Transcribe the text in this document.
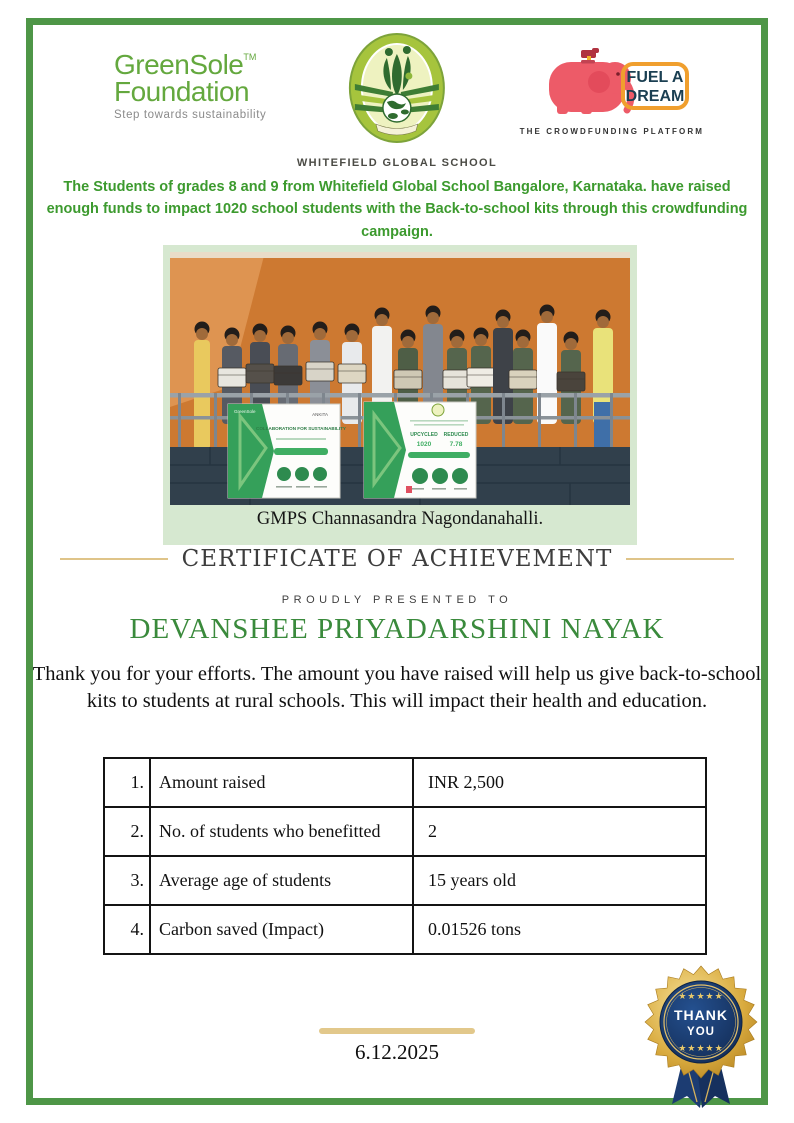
GreenSole™
Foundation
Step towards sustainability
WHITEFIELD GLOBAL SCHOOL
FUEL A
DREAM
THE CROWDFUNDING PLATFORM
The Students of grades 8 and 9 from Whitefield Global School Bangalore, Karnataka. have raised enough funds to impact 1020 school students with the Back-to-school kits through this crowdfunding campaign.
GreenSole
ANKITA
COLLABORATION FOR SUSTAINABILITY
UPCYCLED REDUCED
1020	7.78
GMPS Channasandra Nagondanahalli.
CERTIFICATE OF ACHIEVEMENT
PROUDLY PRESENTED TO
DEVANSHEE PRIYADARSHINI NAYAK
Thank you for your efforts. The amount you have raised will help us give back-to-school kits to students at rural schools. This will impact their health and education.
1.	Amount raised	INR 2,500
2.	No. of students who benefitted	2
3.	Average age of students	15 years old
4.	Carbon saved (Impact)	0.01526 tons
6.12.2025
★★★★★
THANK
YOU
★★★★★
